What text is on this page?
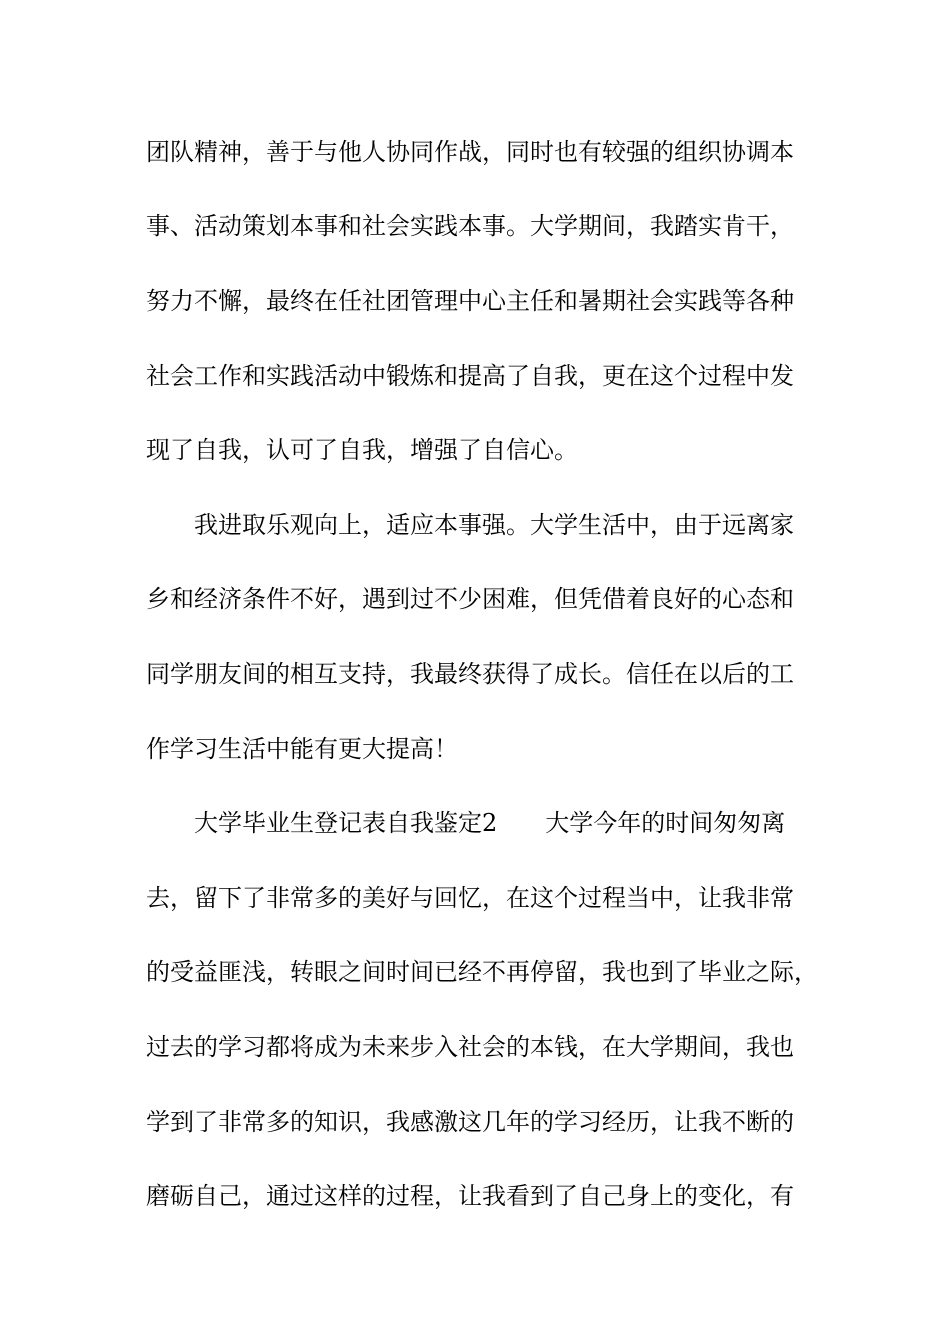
团队精神，善于与他人协同作战，同时也有较强的组织协调本
事、活动策划本事和社会实践本事。大学期间，我踏实肯干，
努力不懈，最终在任社团管理中心主任和暑期社会实践等各种
社会工作和实践活动中锻炼和提高了自我，更在这个过程中发
现了自我，认可了自我，增强了自信心。
我进取乐观向上，适应本事强。大学生活中，由于远离家
乡和经济条件不好，遇到过不少困难，但凭借着良好的心态和
同学朋友间的相互支持，我最终获得了成长。信任在以后的工
作学习生活中能有更大提高！
大学毕业生登记表自我鉴定2 大学今年的时间匆匆离
去，留下了非常多的美好与回忆，在这个过程当中，让我非常
的受益匪浅，转眼之间时间已经不再停留，我也到了毕业之际，
过去的学习都将成为未来步入社会的本钱，在大学期间，我也
学到了非常多的知识，我感激这几年的学习经历，让我不断的
磨砺自己，通过这样的过程，让我看到了自己身上的变化，有
